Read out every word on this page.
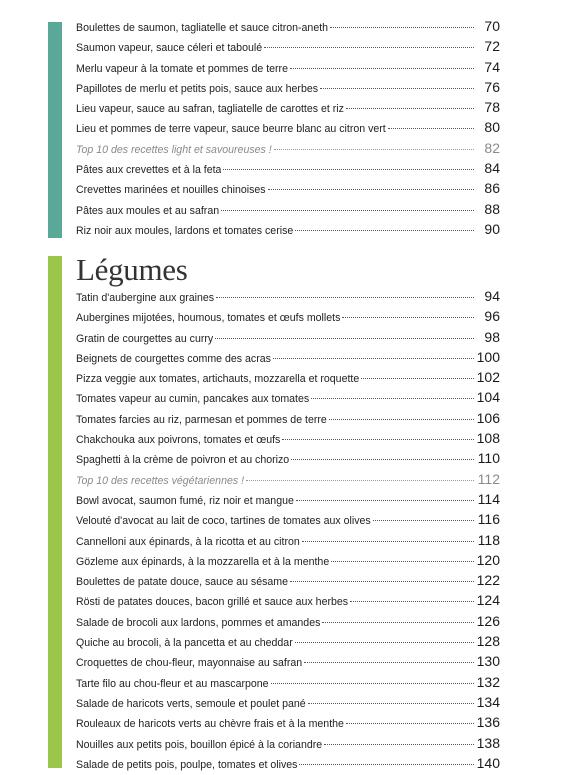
Boulettes de saumon, tagliatelle et sauce citron-aneth	70
Saumon vapeur, sauce céleri et taboulé	72
Merlu vapeur à la tomate et pommes de terre	74
Papillotes de merlu et petits pois, sauce aux herbes	76
Lieu vapeur, sauce au safran, tagliatelle de carottes et riz	78
Lieu et pommes de terre vapeur, sauce beurre blanc au citron vert	80
Top 10 des recettes light et savoureuses !	82
Pâtes aux crevettes et à la feta	84
Crevettes marinées et nouilles chinoises	86
Pâtes aux moules et au safran	88
Riz noir aux moules, lardons et tomates cerise	90
Légumes
Tatin d'aubergine aux graines	94
Aubergines mijotées, houmous, tomates et œufs mollets	96
Gratin de courgettes au curry	98
Beignets de courgettes comme des acras	100
Pizza veggie aux tomates, artichauts, mozzarella et roquette	102
Tomates vapeur au cumin, pancakes aux tomates	104
Tomates farcies au riz, parmesan et pommes de terre	106
Chakchouka aux poivrons, tomates et œufs	108
Spaghetti à la crème de poivron et au chorizo	110
Top 10 des recettes végétariennes !	112
Bowl avocat, saumon fumé, riz noir et mangue	114
Velouté d'avocat au lait de coco, tartines de tomates aux olives	116
Cannelloni aux épinards, à la ricotta et au citron	118
Gözleme aux épinards, à la mozzarella et à la menthe	120
Boulettes de patate douce, sauce au sésame	122
Rösti de patates douces, bacon grillé et sauce aux herbes	124
Salade de brocoli aux lardons, pommes et amandes	126
Quiche au brocoli, à la pancetta et au cheddar	128
Croquettes de chou-fleur, mayonnaise au safran	130
Tarte filo au chou-fleur et au mascarpone	132
Salade de haricots verts, semoule et poulet pané	134
Rouleaux de haricots verts au chèvre frais et à la menthe	136
Nouilles aux petits pois, bouillon épicé à la coriandre	138
Salade de petits pois, poulpe, tomates et olives	140
